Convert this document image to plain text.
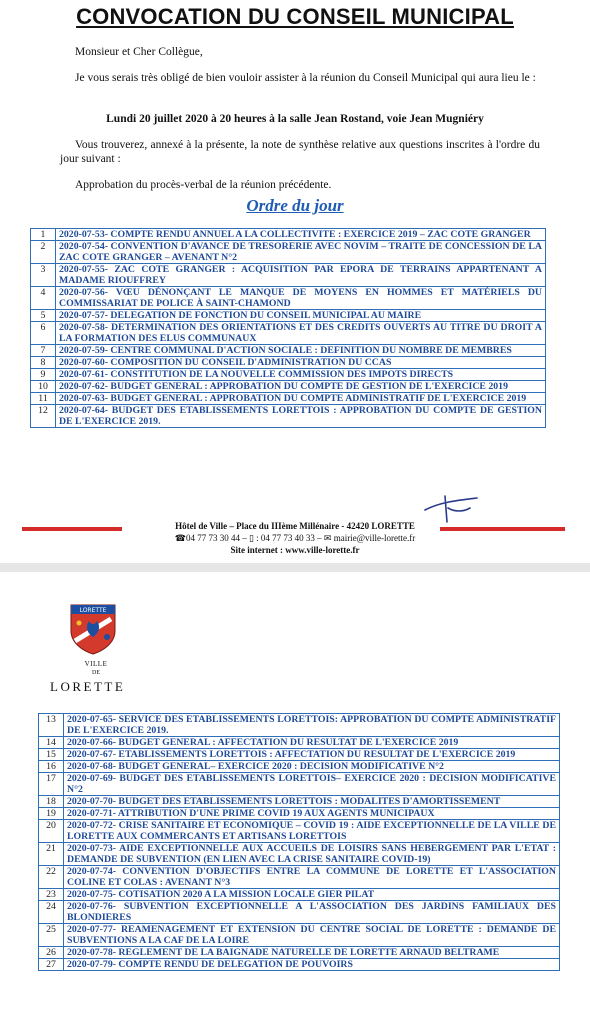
CONVOCATION DU CONSEIL MUNICIPAL
Monsieur et Cher Collègue,
Je vous serais très obligé de bien vouloir assister à la réunion du Conseil Municipal qui aura lieu le :
Lundi 20 juillet 2020 à 20 heures à la salle Jean Rostand, voie Jean Mugniéry
Vous trouverez, annexé à la présente, la note de synthèse relative aux questions inscrites à l'ordre du jour suivant :
Approbation du procès-verbal de la réunion précédente.
Ordre du jour
1	2020-07-53- COMPTE RENDU ANNUEL A LA COLLECTIVITE : EXERCICE 2019 – ZAC COTE GRANGER
2	2020-07-54- CONVENTION D'AVANCE DE TRESORERIE AVEC NOVIM – TRAITE DE CONCESSION DE LA ZAC COTE GRANGER – AVENANT N°2
3	2020-07-55- ZAC COTE GRANGER : ACQUISITION PAR EPORA DE TERRAINS APPARTENANT A MADAME RIOUFFREY
4	2020-07-56- VŒU DÉNONÇANT LE MANQUE DE MOYENS EN HOMMES ET MATÉRIELS DU COMMISSARIAT DE POLICE À SAINT-CHAMOND
5	2020-07-57- DELEGATION DE FONCTION DU CONSEIL MUNICIPAL AU MAIRE
6	2020-07-58- DETERMINATION DES ORIENTATIONS ET DES CREDITS OUVERTS AU TITRE DU DROIT A LA FORMATION DES ELUS COMMUNAUX
7	2020-07-59- CENTRE COMMUNAL D'ACTION SOCIALE : DEFINITION DU NOMBRE DE MEMBRES
8	2020-07-60- COMPOSITION DU CONSEIL D'ADMINISTRATION DU CCAS
9	2020-07-61- CONSTITUTION DE LA NOUVELLE COMMISSION DES IMPOTS DIRECTS
10	2020-07-62- BUDGET GENERAL : APPROBATION DU COMPTE DE GESTION DE L'EXERCICE 2019
11	2020-07-63- BUDGET GENERAL : APPROBATION DU COMPTE ADMINISTRATIF DE L'EXERCICE 2019
12	2020-07-64- BUDGET DES ETABLISSEMENTS LORETTOIS : APPROBATION DU COMPTE DE GESTION DE L'EXERCICE 2019.
Hôtel de Ville – Place du IIIème Millénaire - 42420 LORETTE
☎04 77 73 30 44 – ▯ : 04 77 73 40 33 – ✉ mairie@ville-lorette.fr
Site internet : www.ville-lorette.fr
LORETTE
VILLE
DE
LORETTE
13	2020-07-65- SERVICE DES ETABLISSEMENTS LORETTOIS: APPROBATION DU COMPTE ADMINISTRATIF DE L'EXERCICE 2019.
14	2020-07-66- BUDGET GENERAL : AFFECTATION DU RESULTAT DE L'EXERCICE 2019
15	2020-07-67- ETABLISSEMENTS LORETTOIS : AFFECTATION DU RESULTAT DE L'EXERCICE 2019
16	2020-07-68- BUDGET GENERAL– EXERCICE 2020 : DECISION MODIFICATIVE N°2
17	2020-07-69- BUDGET DES ETABLISSEMENTS LORETTOIS– EXERCICE 2020 : DECISION MODIFICATIVE N°2
18	2020-07-70- BUDGET DES ETABLISSEMENTS LORETTOIS : MODALITES D'AMORTISSEMENT
19	2020-07-71- ATTRIBUTION D'UNE PRIME COVID 19 AUX AGENTS MUNICIPAUX
20	2020-07-72- CRISE SANITAIRE ET ECONOMIQUE – COVID 19 : AIDE EXCEPTIONNELLE DE LA VILLE DE LORETTE AUX COMMERCANTS ET ARTISANS LORETTOIS
21	2020-07-73- AIDE EXCEPTIONNELLE AUX ACCUEILS DE LOISIRS SANS HEBERGEMENT PAR L'ETAT : DEMANDE DE SUBVENTION (EN LIEN AVEC LA CRISE SANITAIRE COVID-19)
22	2020-07-74- CONVENTION D'OBJECTIFS ENTRE LA COMMUNE DE LORETTE ET L'ASSOCIATION COLINE ET COLAS : AVENANT N°3
23	2020-07-75- COTISATION 2020 A LA MISSION LOCALE GIER PILAT
24	2020-07-76- SUBVENTION EXCEPTIONNELLE A L'ASSOCIATION DES JARDINS FAMILIAUX DES BLONDIERES
25	2020-07-77- REAMENAGEMENT ET EXTENSION DU CENTRE SOCIAL DE LORETTE : DEMANDE DE SUBVENTIONS A LA CAF DE LA LOIRE
26	2020-07-78- REGLEMENT DE LA BAIGNADE NATURELLE DE LORETTE ARNAUD BELTRAME
27	2020-07-79- COMPTE RENDU DE DELEGATION DE POUVOIRS
